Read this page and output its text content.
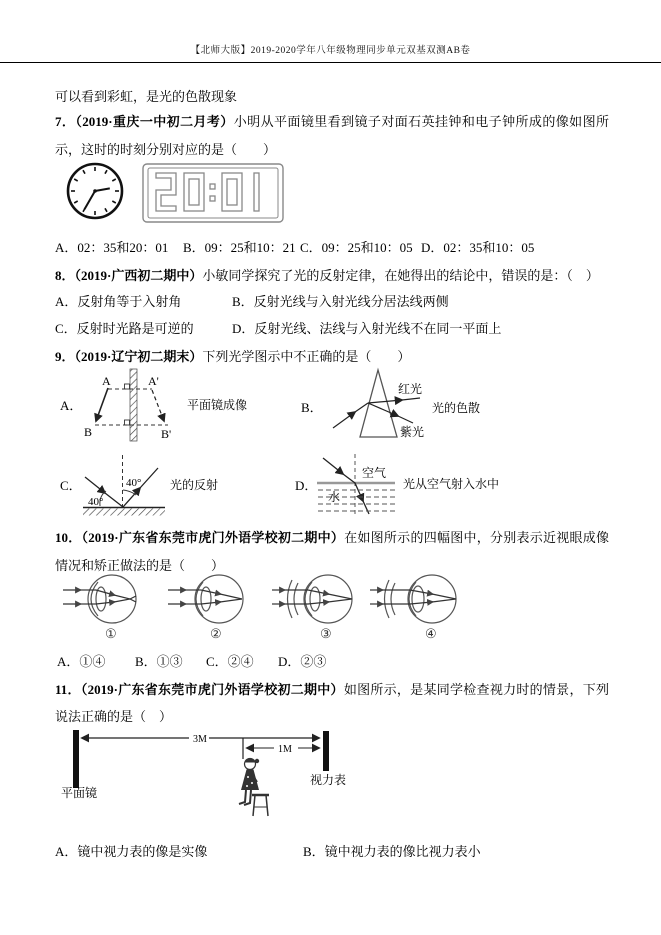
【北师大版】2019-2020学年八年级物理同步单元双基双测AB卷
可以看到彩虹，是光的色散现象

7．（2019·重庆一中初二月考）小明从平面镜里看到镜子对面石英挂钟和电子钟所成的像如图所示，这时的时刻分别对应的是（　　）

A．02：35和20：01 B．09：25和10：21 C．09：25和10：05 D．02：35和10：05

8．（2019·广西初二期中）小敏同学探究了光的反射定律，在她得出的结论中，错误的是：（　）

A．反射角等于入射角	B．反射光线与入射光线分居法线两侧
C．反射时光路是可逆的	D．反射光线、法线与入射光线不在同一平面上

9．（2019·辽宁初二期末）下列光学图示中不正确的是（　　）

A．
A	A'
B	B'
平面镜成像	B．
红光
紫光
光的色散
C．
40°
40° 光的反射	D．
空气
水
光从空气射入水中

10．（2019·广东省东莞市虎门外语学校初二期中）在如图所示的四幅图中，分别表示近视眼成像情况和矫正做法的是（　　）

①	②	③	④
A．①④ B．①③ C．②④ D．②③

11．（2019·广东省东莞市虎门外语学校初二期中）如图所示，是某同学检查视力时的情景，下列说法正确的是（　）

3M
1M
平面镜
视力表
A．镜中视力表的像是实像	B．镜中视力表的像比视力表小
